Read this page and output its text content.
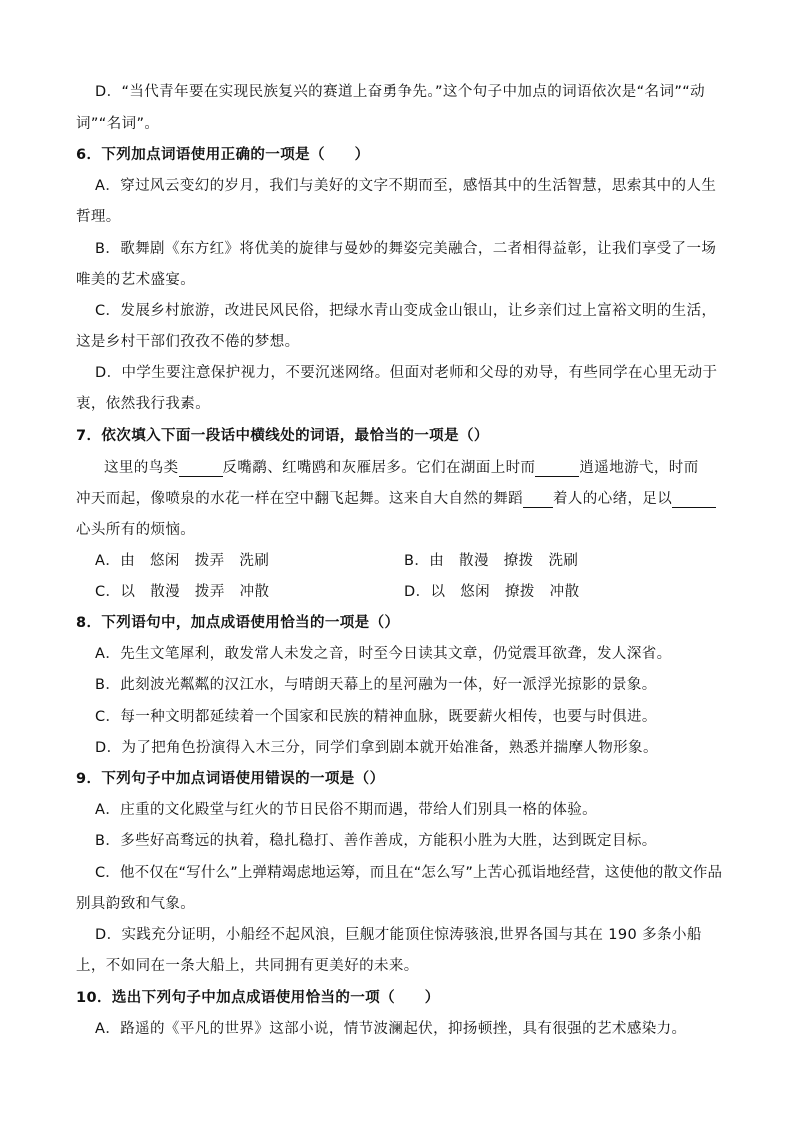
D．“当代青年要在实现民族复兴的赛道上奋勇争先。”这个句子中加点的词语依次是“名词”“动
词”“名词”。
6．下列加点词语使用正确的一项是（　　）
A．穿过风云变幻的岁月，我们与美好的文字不期而至，感悟其中的生活智慧，思索其中的人生
哲理。
B．歌舞剧《东方红》将优美的旋律与曼妙的舞姿完美融合，二者相得益彰，让我们享受了一场
唯美的艺术盛宴。
C．发展乡村旅游，改进民风民俗，把绿水青山变成金山银山，让乡亲们过上富裕文明的生活，
这是乡村干部们孜孜不倦的梦想。
D．中学生要注意保护视力，不要沉迷网络。但面对老师和父母的劝导，有些同学在心里无动于
衷，依然我行我素。
7．依次填入下面一段话中横线处的词语，最恰当的一项是（）
这里的鸟类	反嘴鹬、红嘴鸥和灰雁居多。它们在湖面上时而	逍遥地游弋，时而
冲天而起，像喷泉的水花一样在空中翻飞起舞。这来自大自然的舞蹈 着人的心绪，足以
心头所有的烦恼。
A．由　悠闲　拨弄　洗刷	B．由　散漫　撩拨　洗刷
C．以　散漫　拨弄　冲散	D．以　悠闲　撩拨　冲散
8．下列语句中，加点成语使用恰当的一项是（）
A．先生文笔犀利，敢发常人未发之音，时至今日读其文章，仍觉震耳欲聋，发人深省。
B．此刻波光粼粼的汉江水，与晴朗天幕上的星河融为一体，好一派浮光掠影的景象。
C．每一种文明都延续着一个国家和民族的精神血脉，既要薪火相传，也要与时俱进。
D．为了把角色扮演得入木三分，同学们拿到剧本就开始准备，熟悉并揣摩人物形象。
9．下列句子中加点词语使用错误的一项是（）
A．庄重的文化殿堂与红火的节日民俗不期而遇，带给人们别具一格的体验。
B．多些好高骛远的执着，稳扎稳打、善作善成，方能积小胜为大胜，达到既定目标。
C．他不仅在“写什么”上弹精竭虑地运筹，而且在“怎么写”上苦心孤诣地经营，这使他的散文作品
别具韵致和气象。
D．实践充分证明，小船经不起风浪，巨舰才能顶住惊涛骇浪,世界各国与其在 190 多条小船
上，不如同在一条大船上，共同拥有更美好的未来。
10．选出下列句子中加点成语使用恰当的一项（　　）
A．路遥的《平凡的世界》这部小说，情节波澜起伏，抑扬顿挫，具有很强的艺术感染力。
